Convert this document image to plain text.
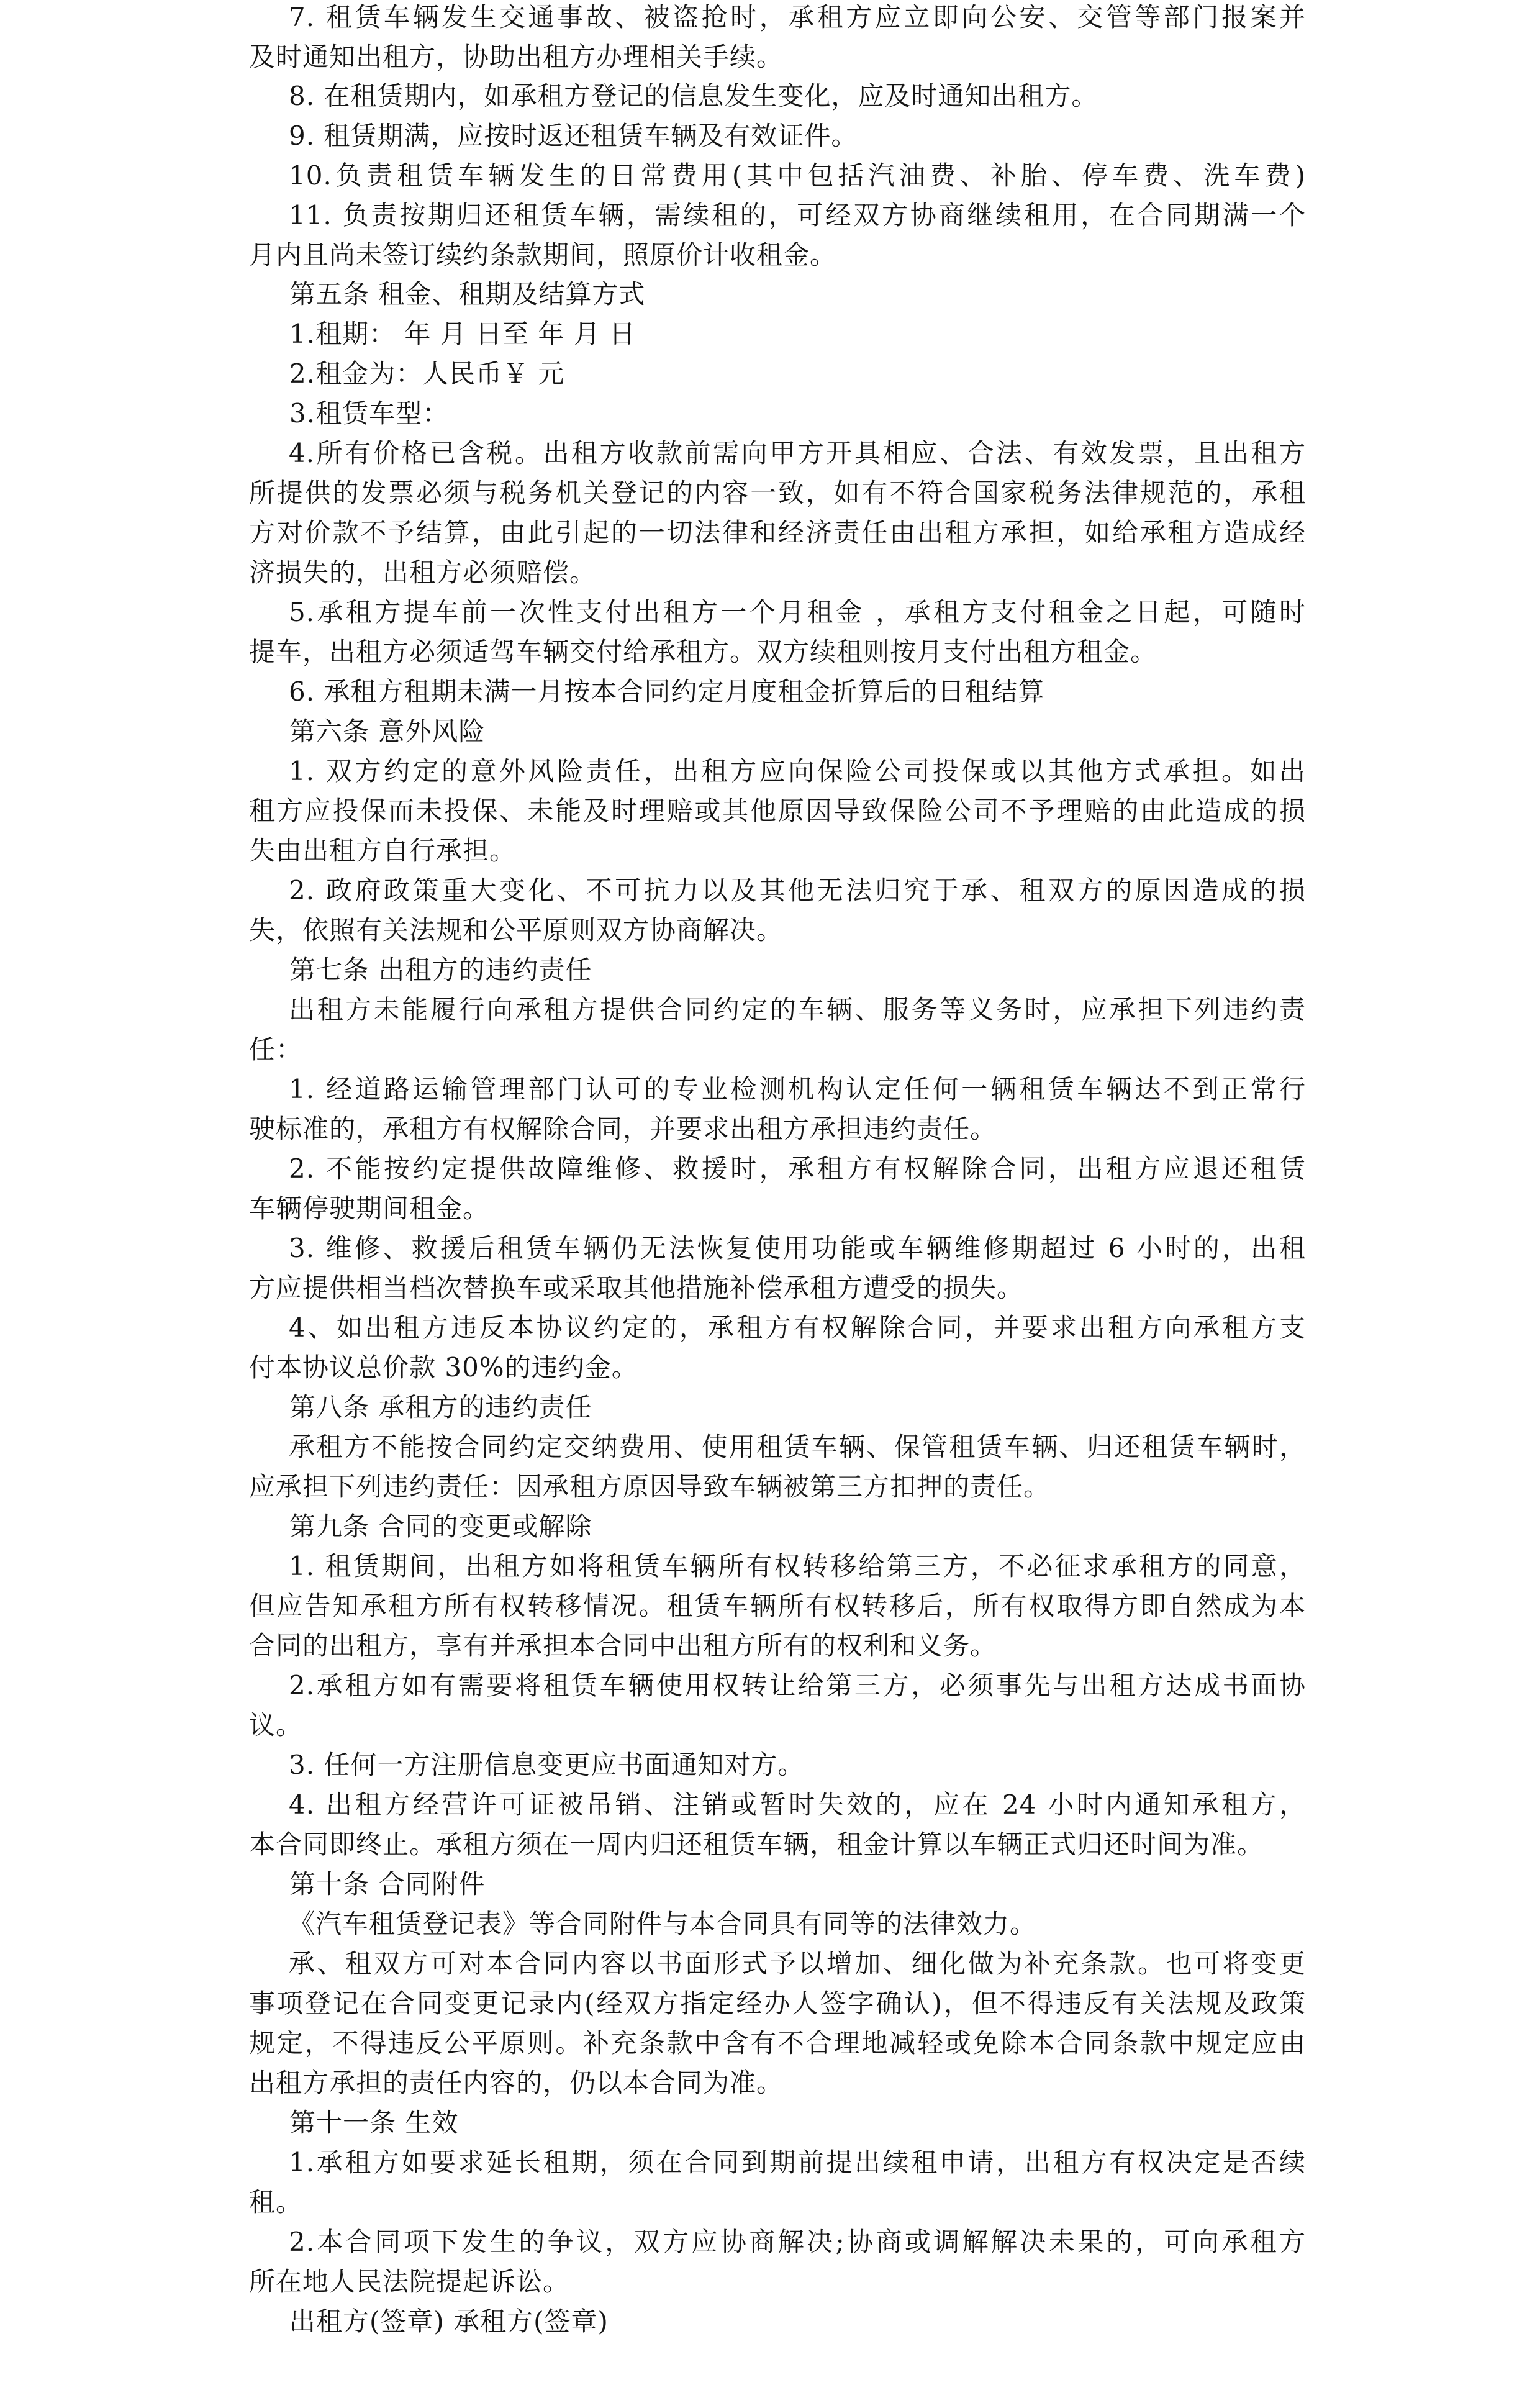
7. 租赁车辆发生交通事故、被盗抢时，承租方应立即向公安、交管等部门报案并

及时通知出租方，协助出租方办理相关手续。

8. 在租赁期内，如承租方登记的信息发生变化，应及时通知出租方。

9. 租赁期满，应按时返还租赁车辆及有效证件。

10.负责租赁车辆发生的日常费用(其中包括汽油费、补胎、停车费、洗车费)

11. 负责按期归还租赁车辆，需续租的，可经双方协商继续租用，在合同期满一个

月内且尚未签订续约条款期间，照原价计收租金。

第五条 租金、租期及结算方式

1.租期： 年 月 日至 年 月 日

2.租金为：人民币￥ 元

3.租赁车型：

4.所有价格已含税。出租方收款前需向甲方开具相应、合法、有效发票，且出租方

所提供的发票必须与税务机关登记的内容一致，如有不符合国家税务法律规范的，承租

方对价款不予结算，由此引起的一切法律和经济责任由出租方承担，如给承租方造成经

济损失的，出租方必须赔偿。

5.承租方提车前一次性支付出租方一个月租金 ，承租方支付租金之日起，可随时

提车，出租方必须适驾车辆交付给承租方。双方续租则按月支付出租方租金。

6. 承租方租期未满一月按本合同约定月度租金折算后的日租结算

第六条 意外风险

1. 双方约定的意外风险责任，出租方应向保险公司投保或以其他方式承担。如出

租方应投保而未投保、未能及时理赔或其他原因导致保险公司不予理赔的由此造成的损

失由出租方自行承担。

2. 政府政策重大变化、不可抗力以及其他无法归究于承、租双方的原因造成的损

失，依照有关法规和公平原则双方协商解决。

第七条 出租方的违约责任

出租方未能履行向承租方提供合同约定的车辆、服务等义务时，应承担下列违约责

任：

1. 经道路运输管理部门认可的专业检测机构认定任何一辆租赁车辆达不到正常行

驶标准的，承租方有权解除合同，并要求出租方承担违约责任。

2. 不能按约定提供故障维修、救援时，承租方有权解除合同，出租方应退还租赁

车辆停驶期间租金。

3. 维修、救援后租赁车辆仍无法恢复使用功能或车辆维修期超过 6 小时的，出租

方应提供相当档次替换车或采取其他措施补偿承租方遭受的损失。

4、如出租方违反本协议约定的，承租方有权解除合同，并要求出租方向承租方支

付本协议总价款 30%的违约金。

第八条 承租方的违约责任

承租方不能按合同约定交纳费用、使用租赁车辆、保管租赁车辆、归还租赁车辆时，

应承担下列违约责任：因承租方原因导致车辆被第三方扣押的责任。

第九条 合同的变更或解除

1. 租赁期间，出租方如将租赁车辆所有权转移给第三方，不必征求承租方的同意，

但应告知承租方所有权转移情况。租赁车辆所有权转移后，所有权取得方即自然成为本

合同的出租方，享有并承担本合同中出租方所有的权利和义务。

2.承租方如有需要将租赁车辆使用权转让给第三方，必须事先与出租方达成书面协

议。

3. 任何一方注册信息变更应书面通知对方。

4. 出租方经营许可证被吊销、注销或暂时失效的，应在 24 小时内通知承租方，

本合同即终止。承租方须在一周内归还租赁车辆，租金计算以车辆正式归还时间为准。

第十条 合同附件

《汽车租赁登记表》等合同附件与本合同具有同等的法律效力。

承、租双方可对本合同内容以书面形式予以增加、细化做为补充条款。也可将变更

事项登记在合同变更记录内(经双方指定经办人签字确认)，但不得违反有关法规及政策

规定，不得违反公平原则。补充条款中含有不合理地减轻或免除本合同条款中规定应由

出租方承担的责任内容的，仍以本合同为准。

第十一条 生效

1.承租方如要求延长租期，须在合同到期前提出续租申请，出租方有权决定是否续

租。

2.本合同项下发生的争议，双方应协商解决;协商或调解解决未果的，可向承租方

所在地人民法院提起诉讼。

出租方(签章) 承租方(签章)
